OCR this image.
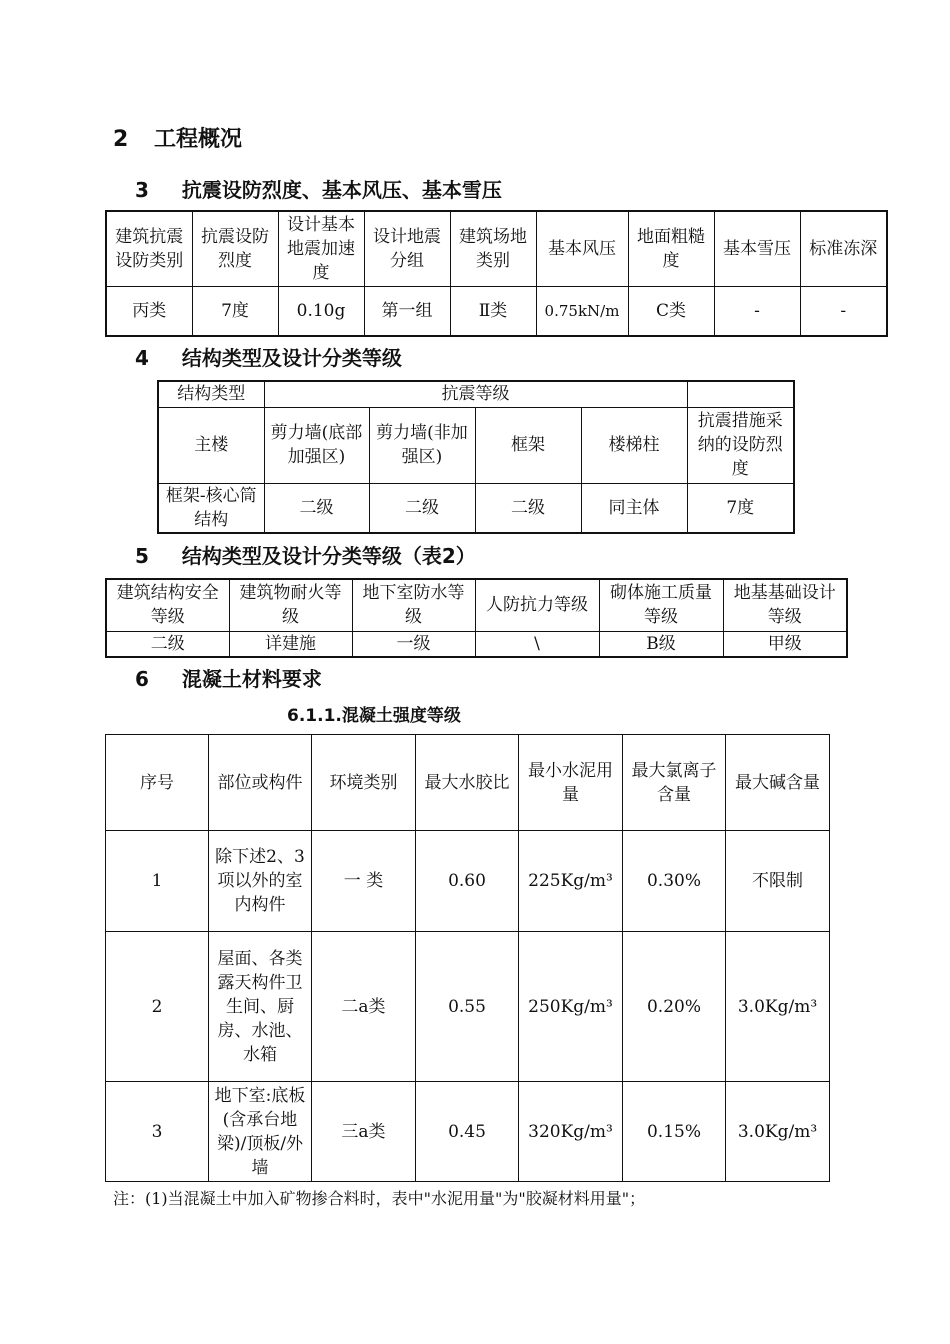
2 工程概况
3 抗震设防烈度、基本风压、基本雪压
建筑抗震设防类别	抗震设防烈度	设计基本地震加速度	设计地震分组	建筑场地类别	基本风压	地面粗糙度	基本雪压	标准冻深
丙类	7度	0.10g	第一组	Ⅱ类	0.75kN/m	C类	-	-
4 结构类型及设计分类等级
结构类型	抗震等级				
主楼	剪力墙(底部加强区)	剪力墙(非加强区)	框架	楼梯柱	抗震措施采纳的设防烈度
框架-核心筒结构	二级	二级	二级	同主体	7度
5 结构类型及设计分类等级（表2）
建筑结构安全等级	建筑物耐火等级	地下室防水等级	人防抗力等级	砌体施工质量等级	地基基础设计等级
二级	详建施	一级	\	B级	甲级
6 混凝土材料要求
6.1.1.混凝土强度等级
序号	部位或构件	环境类别	最大水胶比	最小水泥用量	最大氯离子含量	最大碱含量
1	除下述2、3项以外的室内构件	一 类	0.60	225Kg/m³	0.30%	不限制
2	屋面、各类露天构件卫生间、厨房、水池、水箱	二a类	0.55	250Kg/m³	0.20%	3.0Kg/m³
3	地下室:底板(含承台地梁)/顶板/外墙	三a类	0.45	320Kg/m³	0.15%	3.0Kg/m³
注：(1)当混凝土中加入矿物掺合料时，表中"水泥用量"为"胶凝材料用量"；
